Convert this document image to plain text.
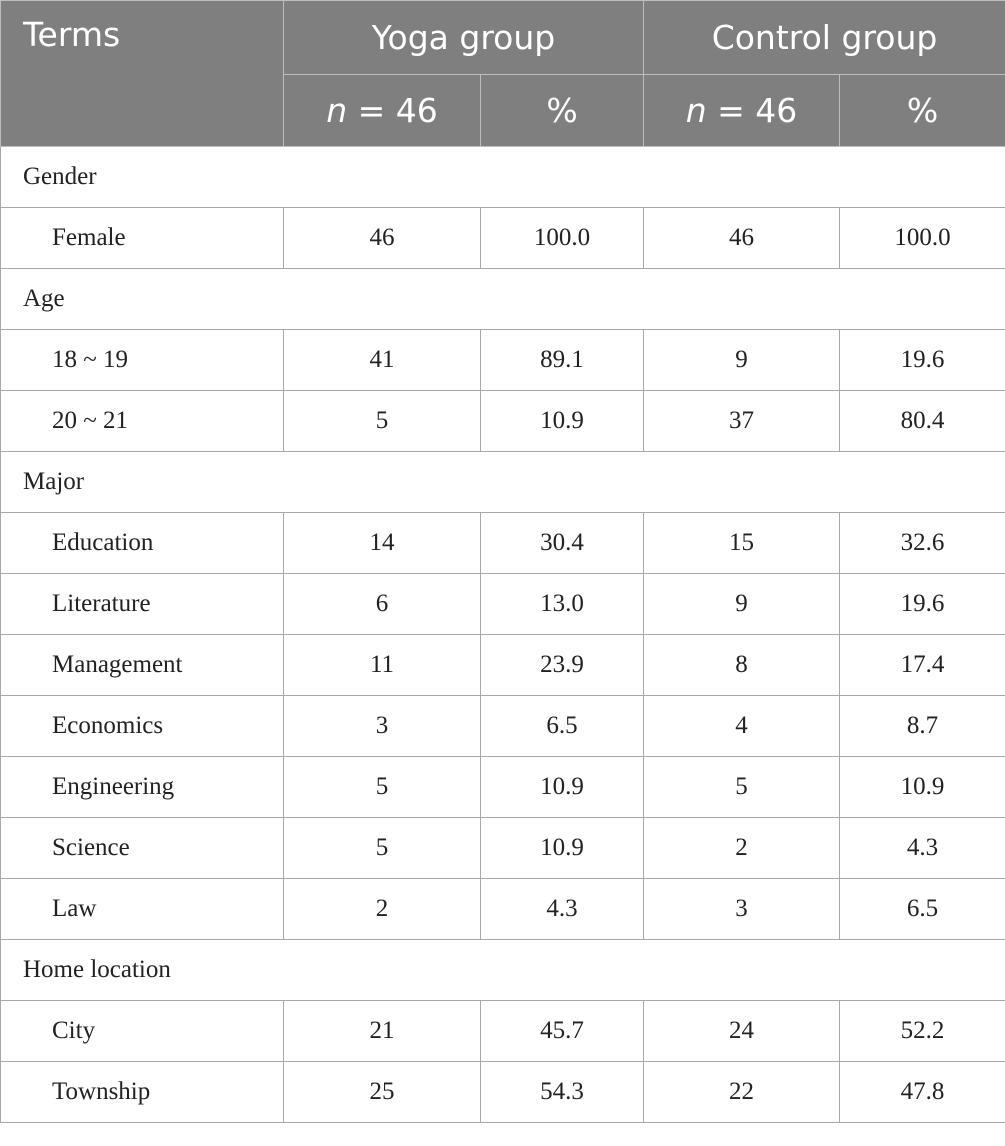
Terms	Yoga group		Control group	
	n = 46	%	n = 46	%
Gender				
Female	46	100.0	46	100.0
Age				
18 ~ 19	41	89.1	9	19.6
20 ~ 21	5	10.9	37	80.4
Major				
Education	14	30.4	15	32.6
Literature	6	13.0	9	19.6
Management	11	23.9	8	17.4
Economics	3	6.5	4	8.7
Engineering	5	10.9	5	10.9
Science	5	10.9	2	4.3
Law	2	4.3	3	6.5
Home location				
City	21	45.7	24	52.2
Township	25	54.3	22	47.8
